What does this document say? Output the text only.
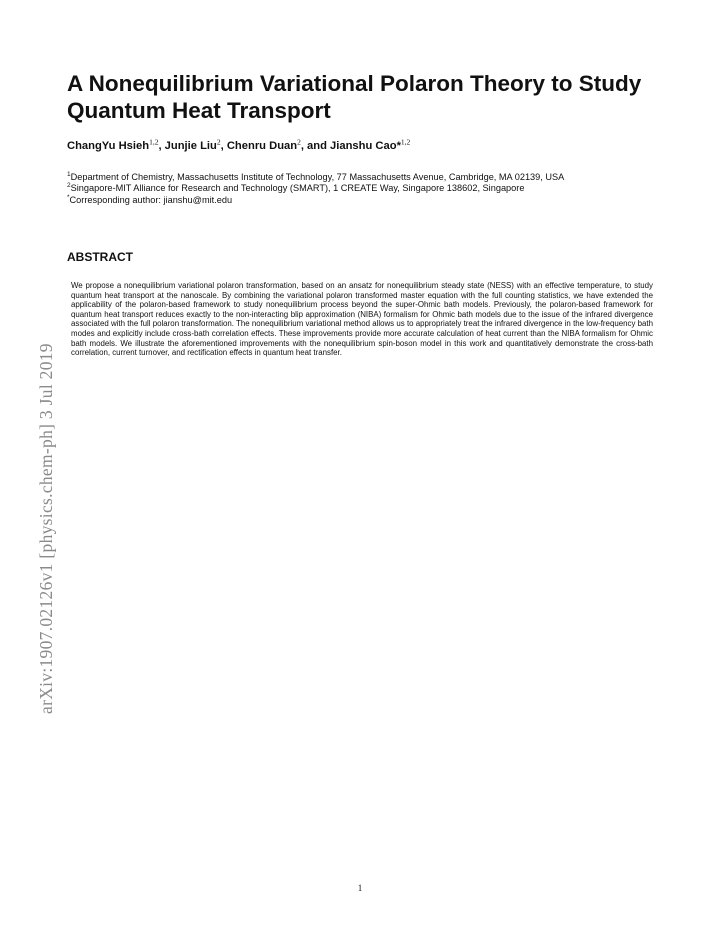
arXiv:1907.02126v1 [physics.chem-ph] 3 Jul 2019
A Nonequilibrium Variational Polaron Theory to Study Quantum Heat Transport
ChangYu Hsieh$^{1,2}$, Junjie Liu$^2$, Chenru Duan$^2$, and Jianshu Cao*$^{1,2}$
$^1$Department of Chemistry, Massachusetts Institute of Technology, 77 Massachusetts Avenue, Cambridge, MA 02139, USA
$^2$Singapore-MIT Alliance for Research and Technology (SMART), 1 CREATE Way, Singapore 138602, Singapore
*Corresponding author: jianshu@mit.edu
ABSTRACT

We propose a nonequilibrium variational polaron transformation, based on an ansatz for nonequilibrium steady state (NESS) with an effective temperature, to study quantum heat transport at the nanoscale. By combining the variational polaron transformed master equation with the full counting statistics, we have extended the applicability of the polaron-based framework to study nonequilibrium process beyond the super-Ohmic bath models. Previously, the polaron-based framework for quantum heat transport reduces exactly to the non-interacting blip approximation (NIBA) formalism for Ohmic bath models due to the issue of the infrared divergence associated with the full polaron transformation. The nonequilibrium variational method allows us to appropriately treat the infrared divergence in the low-frequency bath modes and explicitly include cross-bath correlation effects. These improvements provide more accurate calculation of heat current than the NIBA formalism for Ohmic bath models. We illustrate the aforementioned improvements with the nonequilibrium spin-boson model in this work and quantitatively demonstrate the cross-bath correlation, current turnover, and rectification effects in quantum heat transfer.

1
